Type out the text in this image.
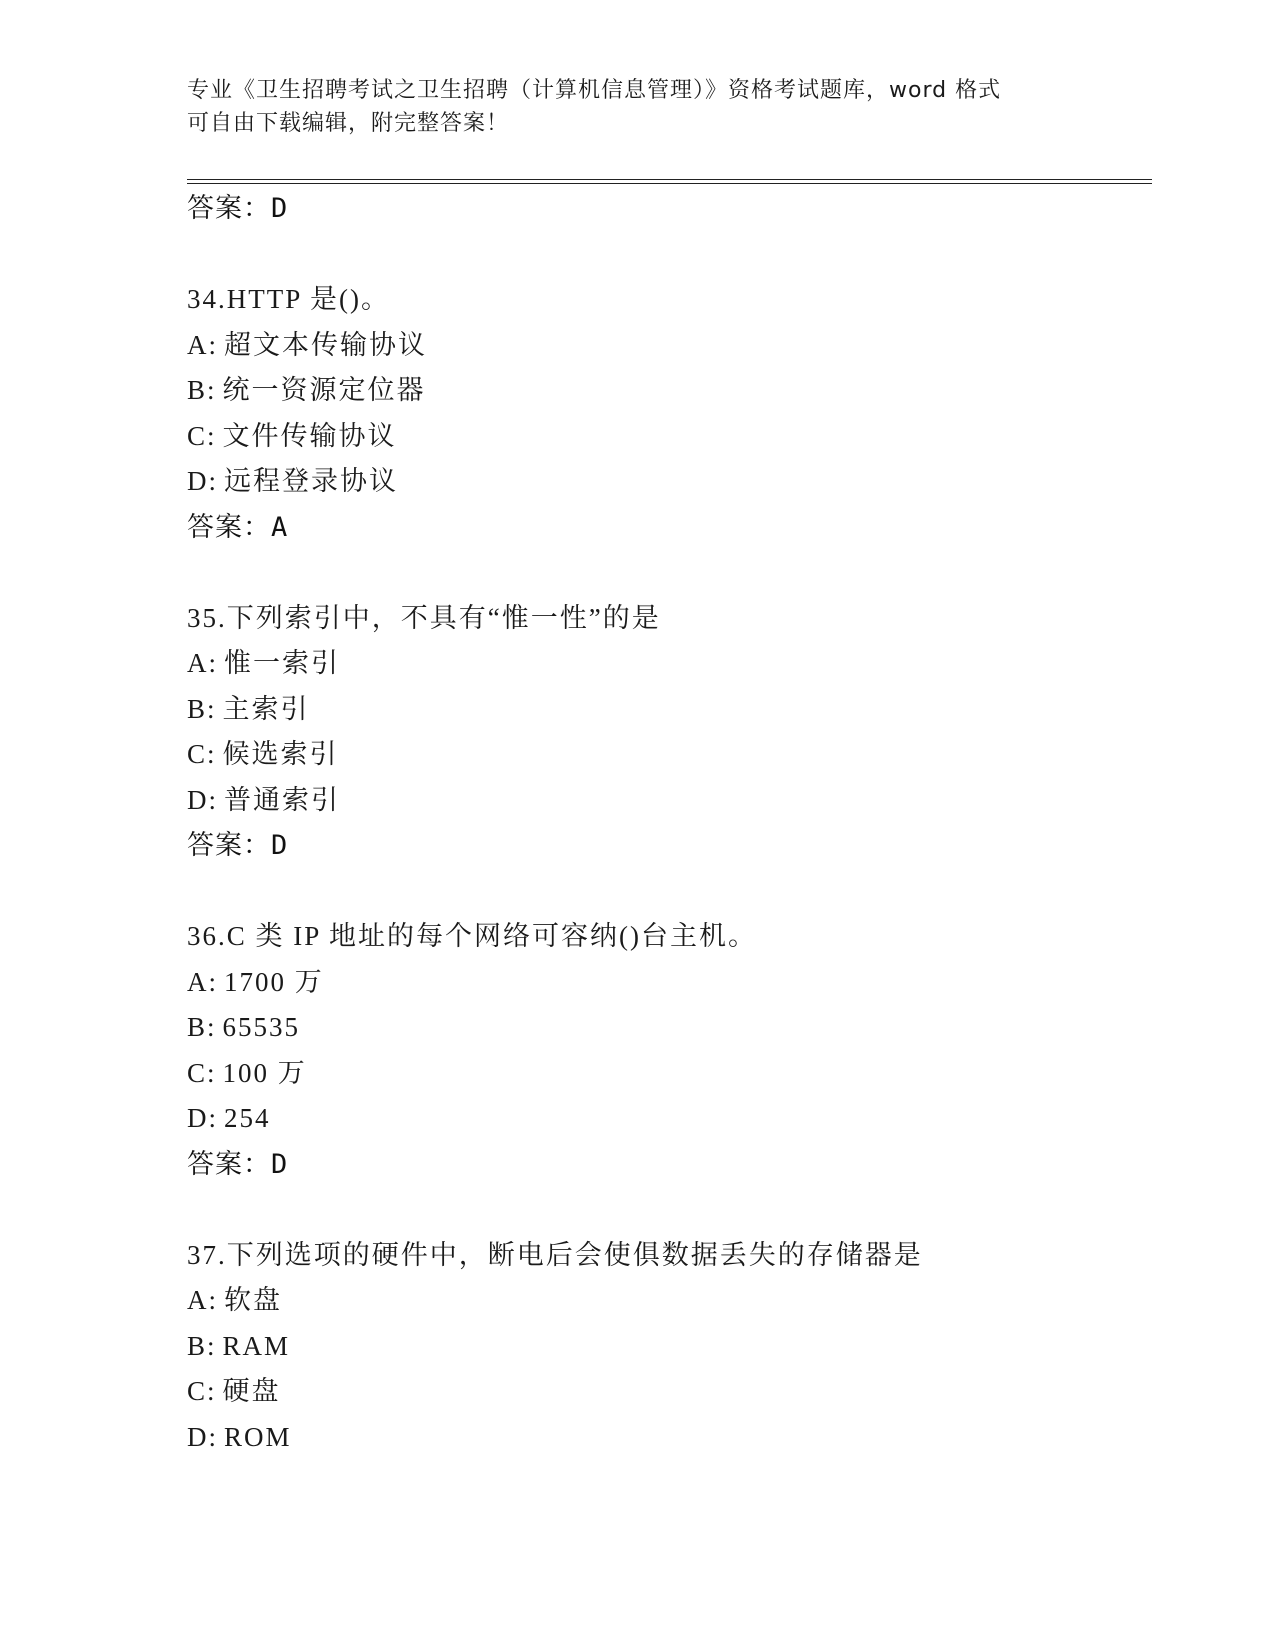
专业《卫生招聘考试之卫生招聘（计算机信息管理）》资格考试题库，word 格式
可自由下载编辑，附完整答案！
答案：D
34.HTTP 是()。
A: 超文本传输协议
B: 统一资源定位器
C: 文件传输协议
D: 远程登录协议
答案：A
35.下列索引中，不具有“惟一性”的是
A: 惟一索引
B: 主索引
C: 候选索引
D: 普通索引
答案：D
36.C 类 IP 地址的每个网络可容纳()台主机。
A: 1700 万
B: 65535
C: 100 万
D: 254
答案：D
37.下列选项的硬件中，断电后会使俱数据丢失的存储器是
A: 软盘
B: RAM
C: 硬盘
D: ROM
